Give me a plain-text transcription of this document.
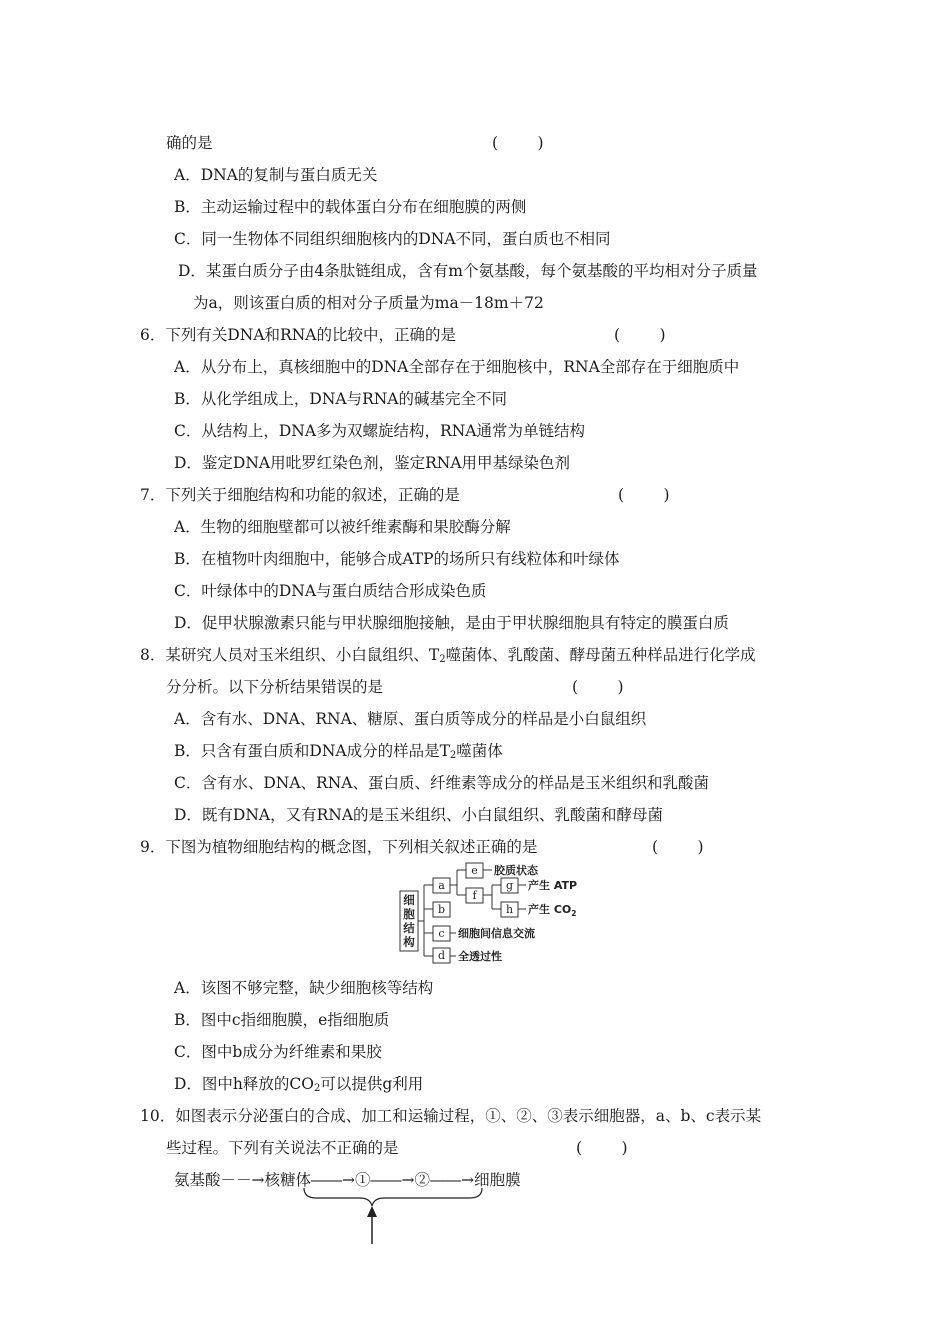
确的是	(        )
A．DNA的复制与蛋白质无关
B．主动运输过程中的载体蛋白分布在细胞膜的两侧
C．同一生物体不同组织细胞核内的DNA不同，蛋白质也不相同
D．某蛋白质分子由4条肽链组成，含有m个氨基酸，每个氨基酸的平均相对分子质量
为a，则该蛋白质的相对分子质量为ma－18m＋72
6．下列有关DNA和RNA的比较中，正确的是	(        )
A．从分布上，真核细胞中的DNA全部存在于细胞核中，RNA全部存在于细胞质中
B．从化学组成上，DNA与RNA的碱基完全不同
C．从结构上，DNA多为双螺旋结构，RNA通常为单链结构
D．鉴定DNA用吡罗红染色剂，鉴定RNA用甲基绿染色剂
7．下列关于细胞结构和功能的叙述，正确的是	(        )
A．生物的细胞壁都可以被纤维素酶和果胶酶分解
B．在植物叶肉细胞中，能够合成ATP的场所只有线粒体和叶绿体
C．叶绿体中的DNA与蛋白质结合形成染色质
D．促甲状腺激素只能与甲状腺细胞接触，是由于甲状腺细胞具有特定的膜蛋白质
8．某研究人员对玉米组织、小白鼠组织、$T_2$噬菌体、乳酸菌、酵母菌五种样品进行化学成
分分析。以下分析结果错误的是	(        )
A．含有水、DNA、RNA、糖原、蛋白质等成分的样品是小白鼠组织
B．只含有蛋白质和DNA成分的样品是$T_2$噬菌体
C．含有水、DNA、RNA、蛋白质、纤维素等成分的样品是玉米组织和乳酸菌
D．既有DNA，又有RNA的是玉米组织、小白鼠组织、乳酸菌和酵母菌
9．下图为植物细胞结构的概念图，下列相关叙述正确的是	(        )
细
胞
结
构
a
b
c
d
e
f
g
h
胶质状态
产生 ATP
产生 $CO_2$
细胞间信息交流
全透过性
A．该图不够完整，缺少细胞核等结构
B．图中c指细胞膜，e指细胞质
C．图中b成分为纤维素和果胶
D．图中h释放的$CO_2$可以提供g利用
10．如图表示分泌蛋白的合成、加工和运输过程，①、②、③表示细胞器，a、b、c表示某
些过程。下列有关说法不正确的是	(        )
氨基酸－－→核糖体――→①――→②――→细胞膜
